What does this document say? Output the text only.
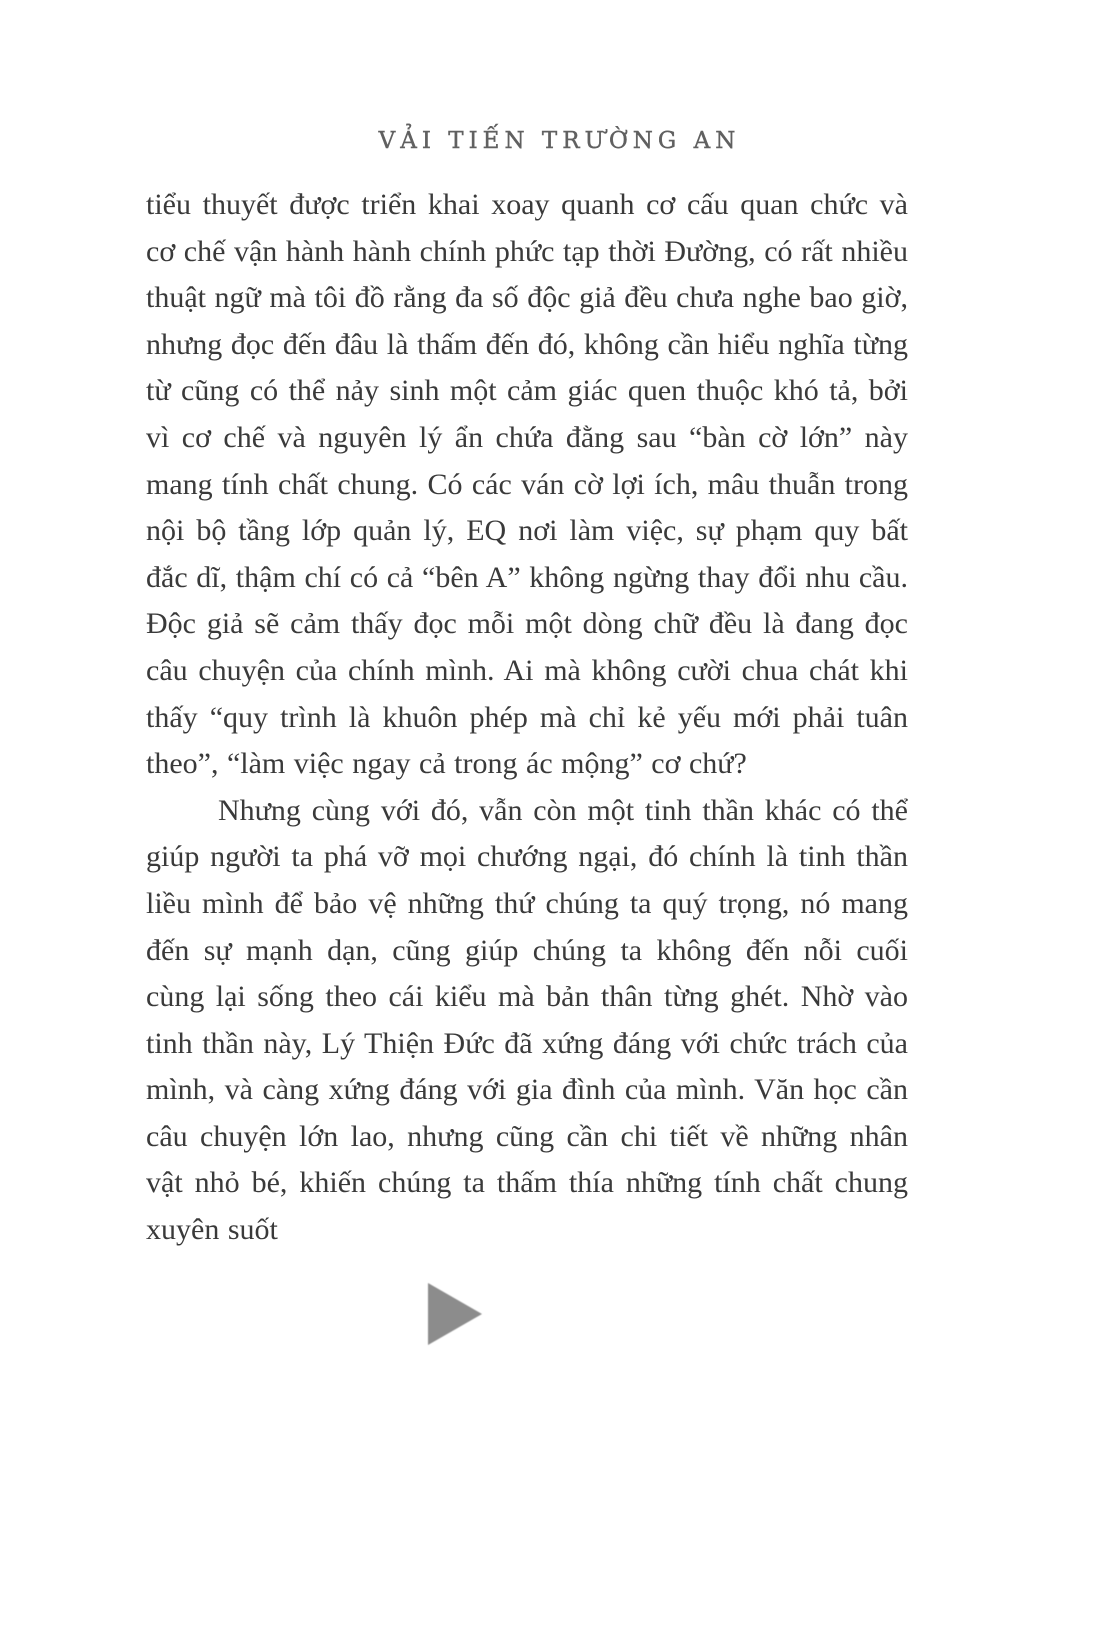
VẢI TIẾN TRƯỜNG AN

tiểu thuyết được triển khai xoay quanh cơ cấu quan chức và cơ chế vận hành hành chính phức tạp thời Đường, có rất nhiều thuật ngữ mà tôi đồ rằng đa số độc giả đều chưa nghe bao giờ, nhưng đọc đến đâu là thấm đến đó, không cần hiểu nghĩa từng từ cũng có thể nảy sinh một cảm giác quen thuộc khó tả, bởi vì cơ chế và nguyên lý ẩn chứa đằng sau “bàn cờ lớn” này mang tính chất chung. Có các ván cờ lợi ích, mâu thuẫn trong nội bộ tầng lớp quản lý, EQ nơi làm việc, sự phạm quy bất đắc dĩ, thậm chí có cả “bên A” không ngừng thay đổi nhu cầu. Độc giả sẽ cảm thấy đọc mỗi một dòng chữ đều là đang đọc câu chuyện của chính mình. Ai mà không cười chua chát khi thấy “quy trình là khuôn phép mà chỉ kẻ yếu mới phải tuân theo”, “làm việc ngay cả trong ác mộng” cơ chứ?

Nhưng cùng với đó, vẫn còn một tinh thần khác có thể giúp người ta phá vỡ mọi chướng ngại, đó chính là tinh thần liều mình để bảo vệ những thứ chúng ta quý trọng, nó mang đến sự mạnh dạn, cũng giúp chúng ta không đến nỗi cuối cùng lại sống theo cái kiểu mà bản thân từng ghét. Nhờ vào tinh thần này, Lý Thiện Đức đã xứng đáng với chức trách của mình, và càng xứng đáng với gia đình của mình. Văn học cần câu chuyện lớn lao, nhưng cũng cần chi tiết về những nhân vật nhỏ bé, khiến chúng ta thấm thía những tính chất chung xuyên suốt
